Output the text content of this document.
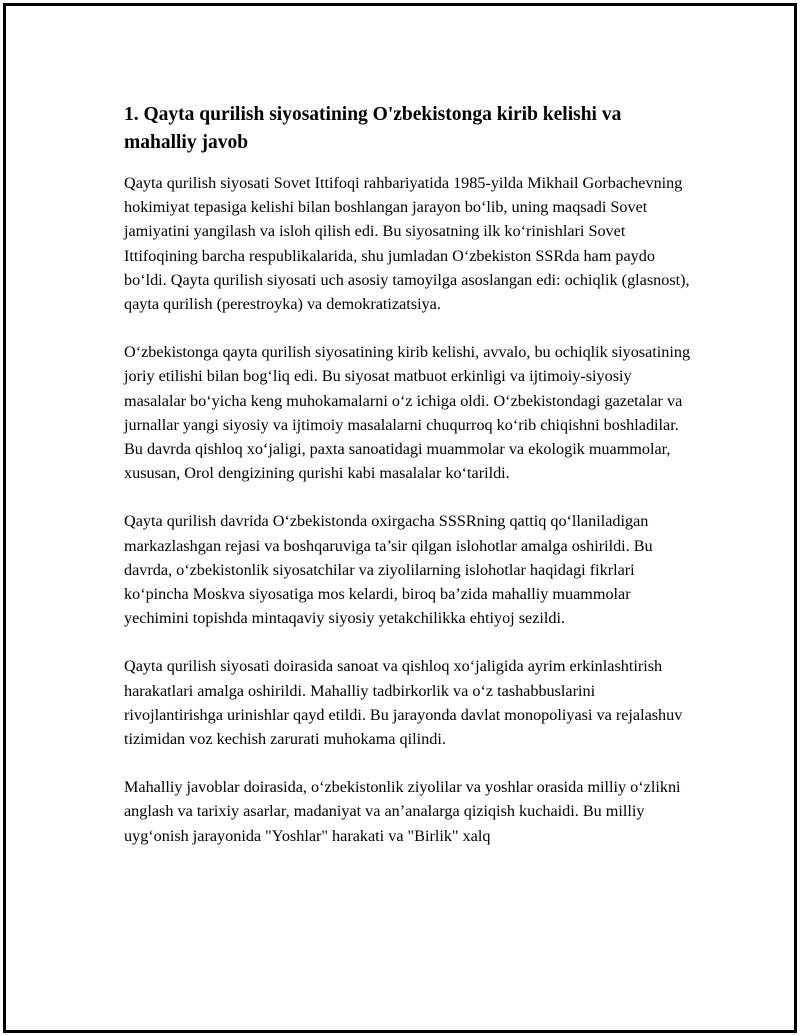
1. Qayta qurilish siyosatining O'zbekistonga kirib kelishi va mahalliy javob

Qayta qurilish siyosati Sovet Ittifoqi rahbariyatida 1985-yilda Mikhail Gorbachevning hokimiyat tepasiga kelishi bilan boshlangan jarayon bo‘lib, uning maqsadi Sovet jamiyatini yangilash va isloh qilish edi. Bu siyosatning ilk ko‘rinishlari Sovet Ittifoqining barcha respublikalarida, shu jumladan O‘zbekiston SSRda ham paydo bo‘ldi. Qayta qurilish siyosati uch asosiy tamoyilga asoslangan edi: ochiqlik (glasnost), qayta qurilish (perestroyka) va demokratizatsiya.

O‘zbekistonga qayta qurilish siyosatining kirib kelishi, avvalo, bu ochiqlik siyosatining joriy etilishi bilan bog‘liq edi. Bu siyosat matbuot erkinligi va ijtimoiy-siyosiy masalalar bo‘yicha keng muhokamalarni o‘z ichiga oldi. O‘zbekistondagi gazetalar va jurnallar yangi siyosiy va ijtimoiy masalalarni chuqurroq ko‘rib chiqishni boshladilar. Bu davrda qishloq xo‘jaligi, paxta sanoatidagi muammolar va ekologik muammolar, xususan, Orol dengizining qurishi kabi masalalar ko‘tarildi.

Qayta qurilish davrida O‘zbekistonda oxirgacha SSSRning qattiq qo‘llaniladigan markazlashgan rejasi va boshqaruviga ta’sir qilgan islohotlar amalga oshirildi. Bu davrda, o‘zbekistonlik siyosatchilar va ziyolilarning islohotlar haqidagi fikrlari ko‘pincha Moskva siyosatiga mos kelardi, biroq ba’zida mahalliy muammolar yechimini topishda mintaqaviy siyosiy yetakchilikka ehtiyoj sezildi.

Qayta qurilish siyosati doirasida sanoat va qishloq xo‘jaligida ayrim erkinlashtirish harakatlari amalga oshirildi. Mahalliy tadbirkorlik va o‘z tashabbuslarini rivojlantirishga urinishlar qayd etildi. Bu jarayonda davlat monopoliyasi va rejalashuv tizimidan voz kechish zarurati muhokama qilindi.

Mahalliy javoblar doirasida, o‘zbekistonlik ziyolilar va yoshlar orasida milliy o‘zlikni anglash va tarixiy asarlar, madaniyat va an’analarga qiziqish kuchaidi. Bu milliy uyg‘onish jarayonida "Yoshlar" harakati va "Birlik" xalq
